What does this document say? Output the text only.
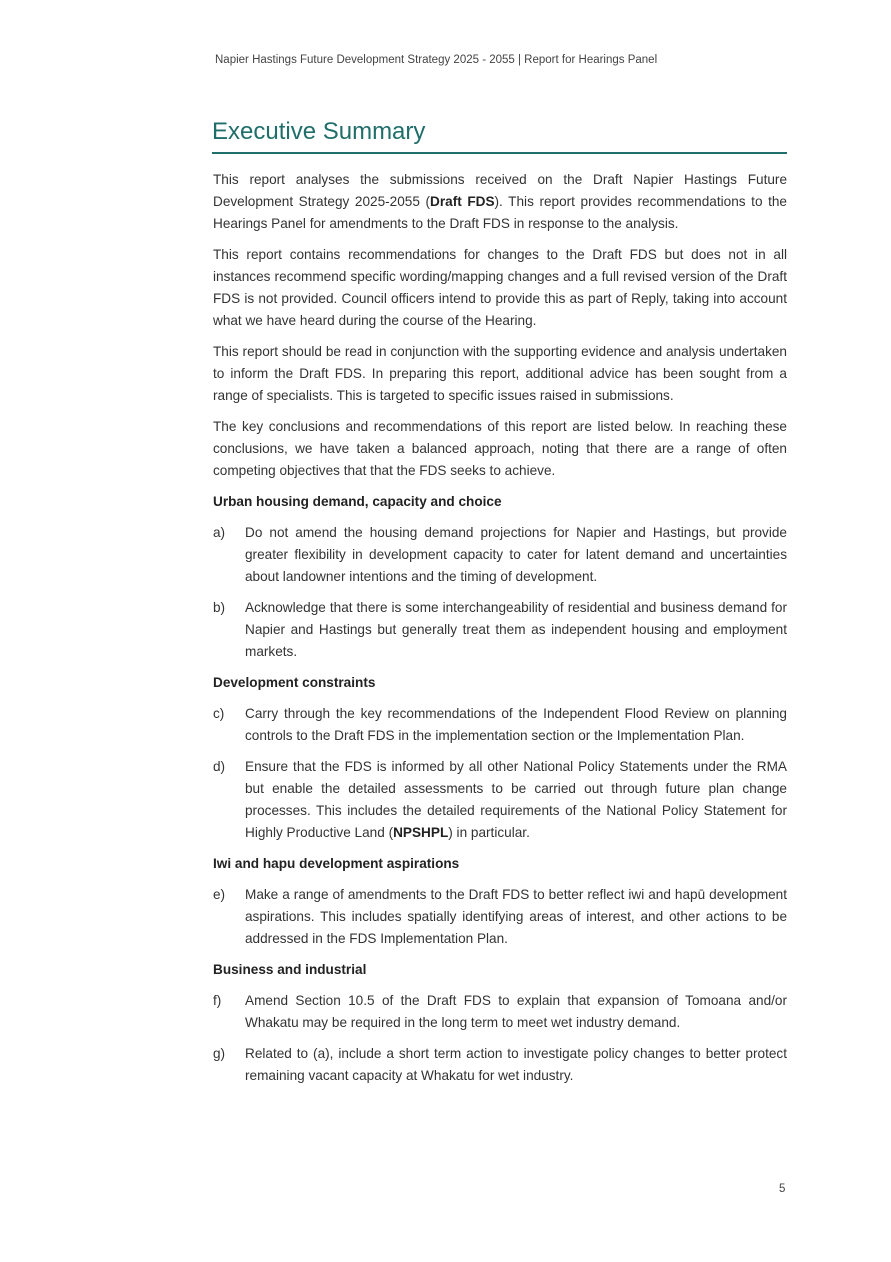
Napier Hastings Future Development Strategy 2025 - 2055 | Report for Hearings Panel
Executive Summary

This report analyses the submissions received on the Draft Napier Hastings Future Development Strategy 2025-2055 (Draft FDS). This report provides recommendations to the Hearings Panel for amendments to the Draft FDS in response to the analysis.

This report contains recommendations for changes to the Draft FDS but does not in all instances recommend specific wording/mapping changes and a full revised version of the Draft FDS is not provided. Council officers intend to provide this as part of Reply, taking into account what we have heard during the course of the Hearing.

This report should be read in conjunction with the supporting evidence and analysis undertaken to inform the Draft FDS. In preparing this report, additional advice has been sought from a range of specialists. This is targeted to specific issues raised in submissions.

The key conclusions and recommendations of this report are listed below. In reaching these conclusions, we have taken a balanced approach, noting that there are a range of often competing objectives that that the FDS seeks to achieve.

Urban housing demand, capacity and choice
a)	Do not amend the housing demand projections for Napier and Hastings, but provide greater flexibility in development capacity to cater for latent demand and uncertainties about landowner intentions and the timing of development.
b)	Acknowledge that there is some interchangeability of residential and business demand for Napier and Hastings but generally treat them as independent housing and employment markets.
Development constraints
c)	Carry through the key recommendations of the Independent Flood Review on planning controls to the Draft FDS in the implementation section or the Implementation Plan.
d)	Ensure that the FDS is informed by all other National Policy Statements under the RMA but enable the detailed assessments to be carried out through future plan change processes. This includes the detailed requirements of the National Policy Statement for Highly Productive Land (NPSHPL) in particular.
Iwi and hapu development aspirations
e)	Make a range of amendments to the Draft FDS to better reflect iwi and hapū development aspirations. This includes spatially identifying areas of interest, and other actions to be addressed in the FDS Implementation Plan.
Business and industrial
f)	Amend Section 10.5 of the Draft FDS to explain that expansion of Tomoana and/or Whakatu may be required in the long term to meet wet industry demand.
g)	Related to (a), include a short term action to investigate policy changes to better protect remaining vacant capacity at Whakatu for wet industry.
5
